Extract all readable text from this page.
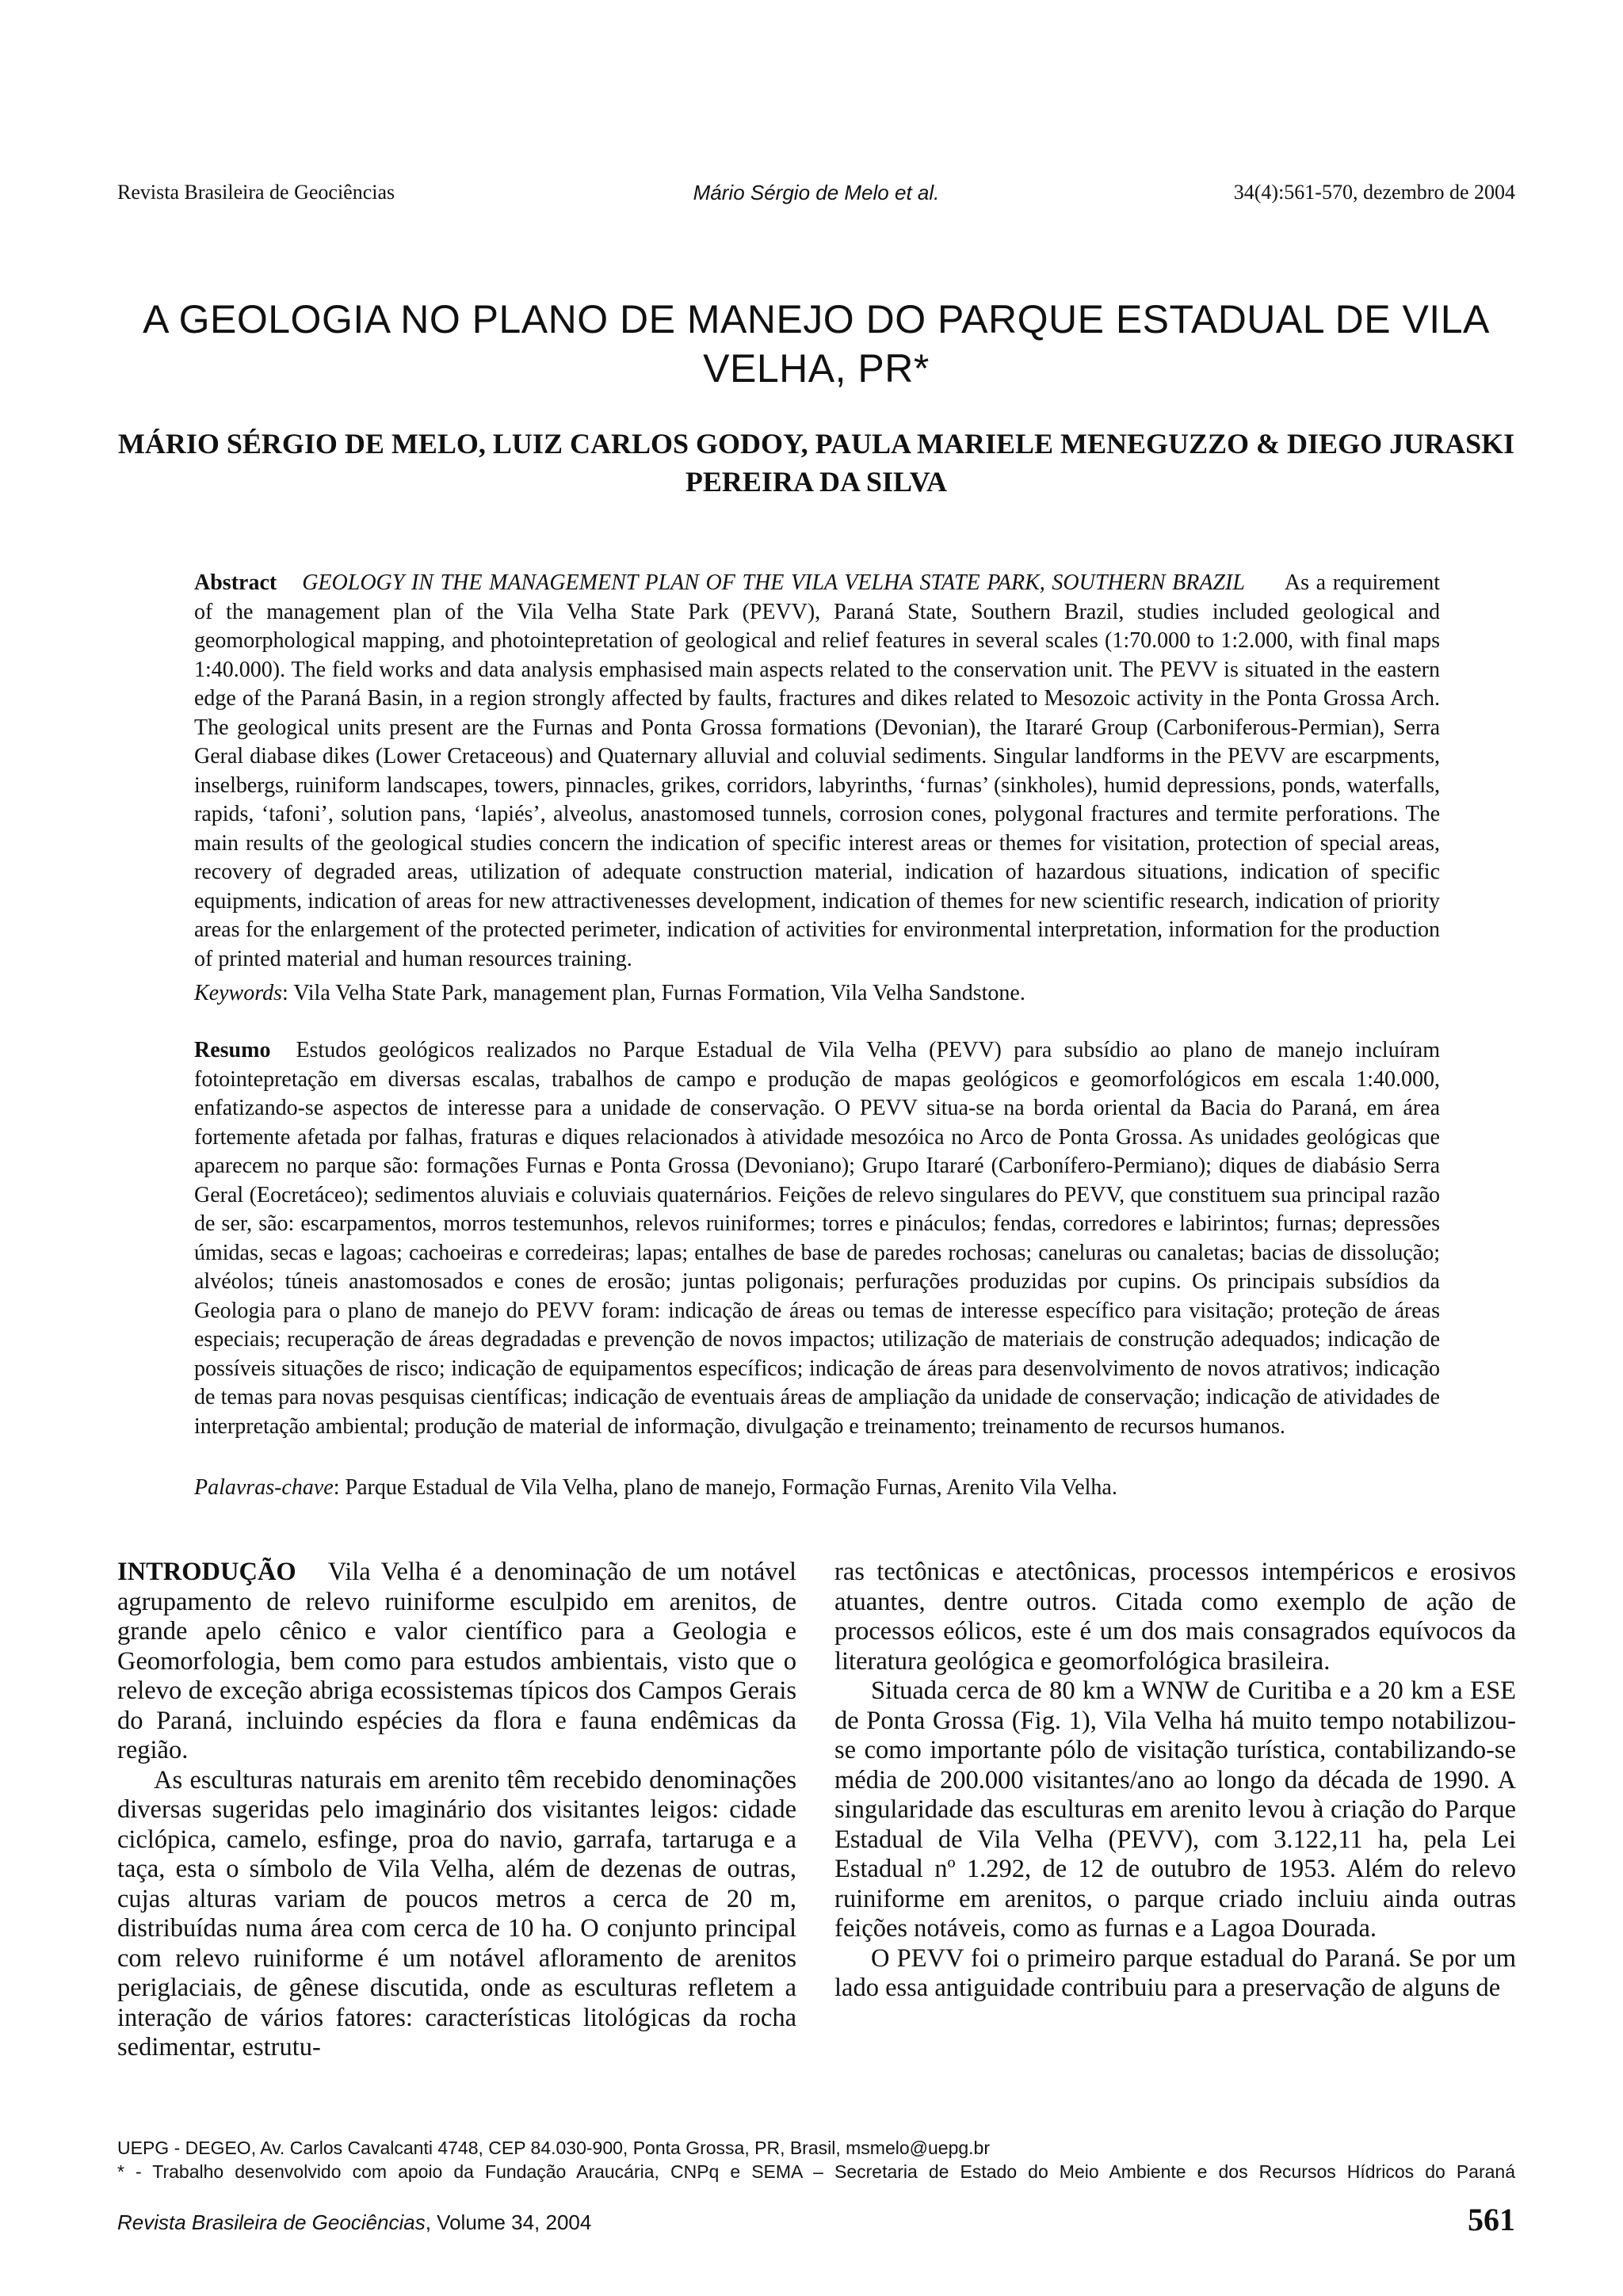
Revista Brasileira de Geociências	Mário Sérgio de Melo et al.	34(4):561-570, dezembro de 2004
A GEOLOGIA NO PLANO DE MANEJO DO PARQUE ESTADUAL DE VILA VELHA, PR*
MÁRIO SÉRGIO DE MELO, LUIZ CARLOS GODOY, PAULA MARIELE MENEGUZZO & DIEGO JURASKI PEREIRA DA SILVA
Abstract GEOLOGY IN THE MANAGEMENT PLAN OF THE VILA VELHA STATE PARK, SOUTHERN BRAZIL As a requirement of the management plan of the Vila Velha State Park (PEVV), Paraná State, Southern Brazil, studies included geological and geomorphological mapping, and photointepretation of geological and relief features in several scales (1:70.000 to 1:2.000, with final maps 1:40.000). The field works and data analysis emphasised main aspects related to the conservation unit. The PEVV is situated in the eastern edge of the Paraná Basin, in a region strongly affected by faults, fractures and dikes related to Mesozoic activity in the Ponta Grossa Arch. The geological units present are the Furnas and Ponta Grossa formations (Devonian), the Itararé Group (Carboniferous-Permian), Serra Geral diabase dikes (Lower Cretaceous) and Quaternary alluvial and coluvial sediments. Singular landforms in the PEVV are escarpments, inselbergs, ruiniform landscapes, towers, pinnacles, grikes, corridors, labyrinths, ‘furnas’ (sinkholes), humid depressions, ponds, waterfalls, rapids, ‘tafoni’, solution pans, ‘lapiés’, alveolus, anastomosed tunnels, corrosion cones, polygonal fractures and termite perforations. The main results of the geological studies concern the indication of specific interest areas or themes for visitation, protection of special areas, recovery of degraded areas, utilization of adequate construction material, indication of hazardous situations, indication of specific equipments, indication of areas for new attractivenesses development, indication of themes for new scientific research, indication of priority areas for the enlargement of the protected perimeter, indication of activities for environmental interpretation, information for the production of printed material and human resources training.
Keywords: Vila Velha State Park, management plan, Furnas Formation, Vila Velha Sandstone.
Resumo Estudos geológicos realizados no Parque Estadual de Vila Velha (PEVV) para subsídio ao plano de manejo incluíram fotointepretação em diversas escalas, trabalhos de campo e produção de mapas geológicos e geomorfológicos em escala 1:40.000, enfatizando-se aspectos de interesse para a unidade de conservação. O PEVV situa-se na borda oriental da Bacia do Paraná, em área fortemente afetada por falhas, fraturas e diques relacionados à atividade mesozóica no Arco de Ponta Grossa. As unidades geológicas que aparecem no parque são: formações Furnas e Ponta Grossa (Devoniano); Grupo Itararé (Carbonífero-Permiano); diques de diabásio Serra Geral (Eocretáceo); sedimentos aluviais e coluviais quaternários. Feições de relevo singulares do PEVV, que constituem sua principal razão de ser, são: escarpamentos, morros testemunhos, relevos ruiniformes; torres e pináculos; fendas, corredores e labirintos; furnas; depressões úmidas, secas e lagoas; cachoeiras e corredeiras; lapas; entalhes de base de paredes rochosas; caneluras ou canaletas; bacias de dissolução; alvéolos; túneis anastomosados e cones de erosão; juntas poligonais; perfurações produzidas por cupins. Os principais subsídios da Geologia para o plano de manejo do PEVV foram: indicação de áreas ou temas de interesse específico para visitação; proteção de áreas especiais; recuperação de áreas degradadas e prevenção de novos impactos; utilização de materiais de construção adequados; indicação de possíveis situações de risco; indicação de equipamentos específicos; indicação de áreas para desenvolvimento de novos atrativos; indicação de temas para novas pesquisas científicas; indicação de eventuais áreas de ampliação da unidade de conservação; indicação de atividades de interpretação ambiental; produção de material de informação, divulgação e treinamento; treinamento de recursos humanos.
Palavras-chave: Parque Estadual de Vila Velha, plano de manejo, Formação Furnas, Arenito Vila Velha.

INTRODUÇÃO Vila Velha é a denominação de um notável agrupamento de relevo ruiniforme esculpido em arenitos, de grande apelo cênico e valor científico para a Geologia e Geomorfologia, bem como para estudos ambientais, visto que o relevo de exceção abriga ecossistemas típicos dos Campos Gerais do Paraná, incluindo espécies da flora e fauna endêmicas da região.

As esculturas naturais em arenito têm recebido denominações diversas sugeridas pelo imaginário dos visitantes leigos: cidade ciclópica, camelo, esfinge, proa do navio, garrafa, tartaruga e a taça, esta o símbolo de Vila Velha, além de dezenas de outras, cujas alturas variam de poucos metros a cerca de 20 m, distribuídas numa área com cerca de 10 ha. O conjunto principal com relevo ruiniforme é um notável afloramento de arenitos periglaciais, de gênese discutida, onde as esculturas refletem a interação de vários fatores: características litológicas da rocha sedimentar, estrutu-

ras tectônicas e atectônicas, processos intempéricos e erosivos atuantes, dentre outros. Citada como exemplo de ação de processos eólicos, este é um dos mais consagrados equívocos da literatura geológica e geomorfológica brasileira.

Situada cerca de 80 km a WNW de Curitiba e a 20 km a ESE de Ponta Grossa (Fig. 1), Vila Velha há muito tempo notabilizou-se como importante pólo de visitação turística, contabilizando-se média de 200.000 visitantes/ano ao longo da década de 1990. A singularidade das esculturas em arenito levou à criação do Parque Estadual de Vila Velha (PEVV), com 3.122,11 ha, pela Lei Estadual nº 1.292, de 12 de outubro de 1953. Além do relevo ruiniforme em arenitos, o parque criado incluiu ainda outras feições notáveis, como as furnas e a Lagoa Dourada.

O PEVV foi o primeiro parque estadual do Paraná. Se por um lado essa antiguidade contribuiu para a preservação de alguns de

UEPG - DEGEO, Av. Carlos Cavalcanti 4748, CEP 84.030-900, Ponta Grossa, PR, Brasil, msmelo@uepg.br
* - Trabalho desenvolvido com apoio da Fundação Araucária, CNPq e SEMA – Secretaria de Estado do Meio Ambiente e dos Recursos Hídricos do Paraná
Revista Brasileira de Geociências, Volume 34, 2004	561
